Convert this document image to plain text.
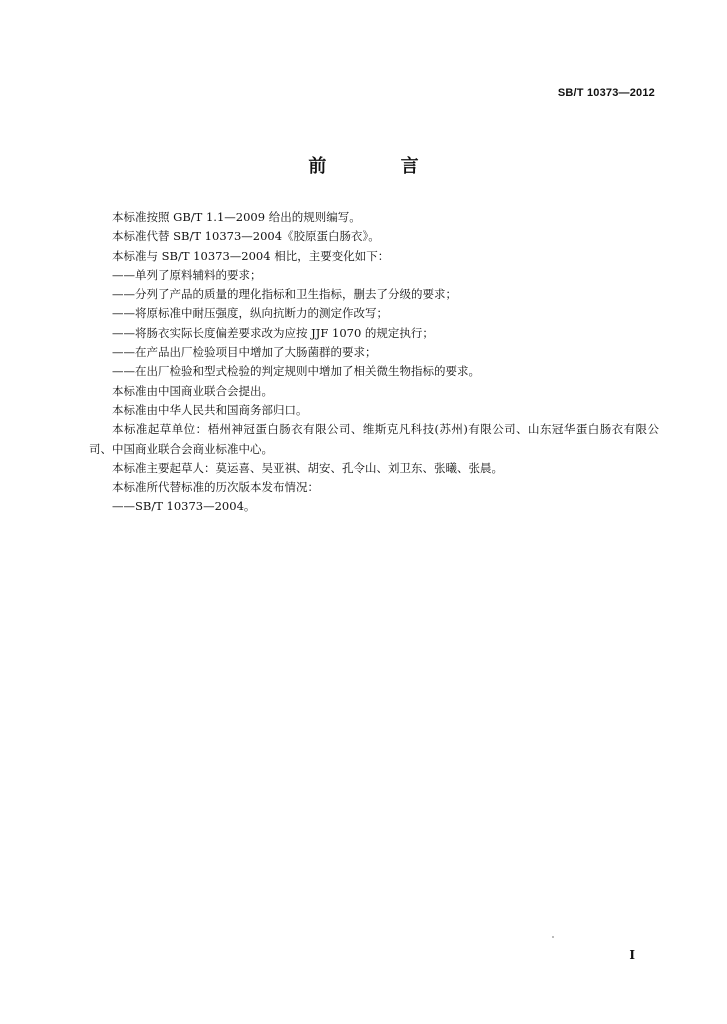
SB/T 10373—2012
前 言

本标准按照 GB/T 1.1—2009 给出的规则编写。

本标准代替 SB/T 10373—2004《胶原蛋白肠衣》。

本标准与 SB/T 10373—2004 相比，主要变化如下：

——单列了原料辅料的要求；

——分列了产品的质量的理化指标和卫生指标，删去了分级的要求；

——将原标准中耐压强度，纵向抗断力的测定作改写；

——将肠衣实际长度偏差要求改为应按 JJF 1070 的规定执行；

——在产品出厂检验项目中增加了大肠菌群的要求；

——在出厂检验和型式检验的判定规则中增加了相关微生物指标的要求。

本标准由中国商业联合会提出。

本标准由中华人民共和国商务部归口。

本标准起草单位：梧州神冠蛋白肠衣有限公司、维斯克凡科技(苏州)有限公司、山东冠华蛋白肠衣有限公司、中国商业联合会商业标准中心。

本标准主要起草人：莫运喜、吴亚祺、胡安、孔令山、刘卫东、张曦、张晨。

本标准所代替标准的历次版本发布情况：

——SB/T 10373—2004。

I
